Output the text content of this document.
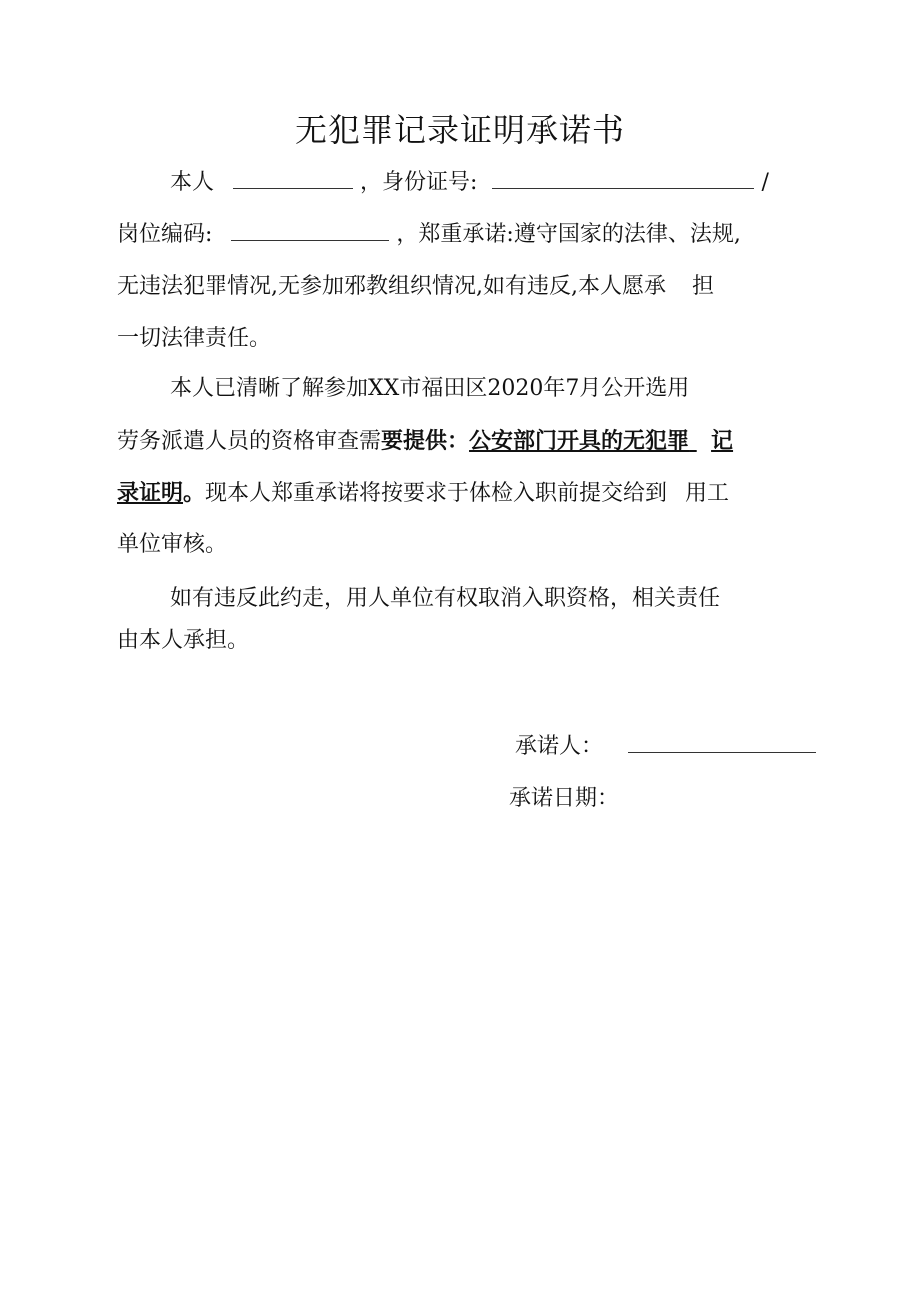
无犯罪记录证明承诺书
本人	，身份证号:	/
岗位编码:	，郑重承诺:遵守国家的法律、法规,
无违法犯罪情况,无参加邪教组织情况,如有违反,本人愿承 担
一切法律责任。
本人已清晰了解参加XX市福田区2020年7月公开选用
劳务派遣人员的资格审查需要提供：公安部门开具的无犯罪 记
录证明。现本人郑重承诺将按要求于体检入职前提交给到 用工
单位审核。
如有违反此约走，用人单位有权取消入职资格，相关责任
由本人承担。
承诺人：
承诺日期：
